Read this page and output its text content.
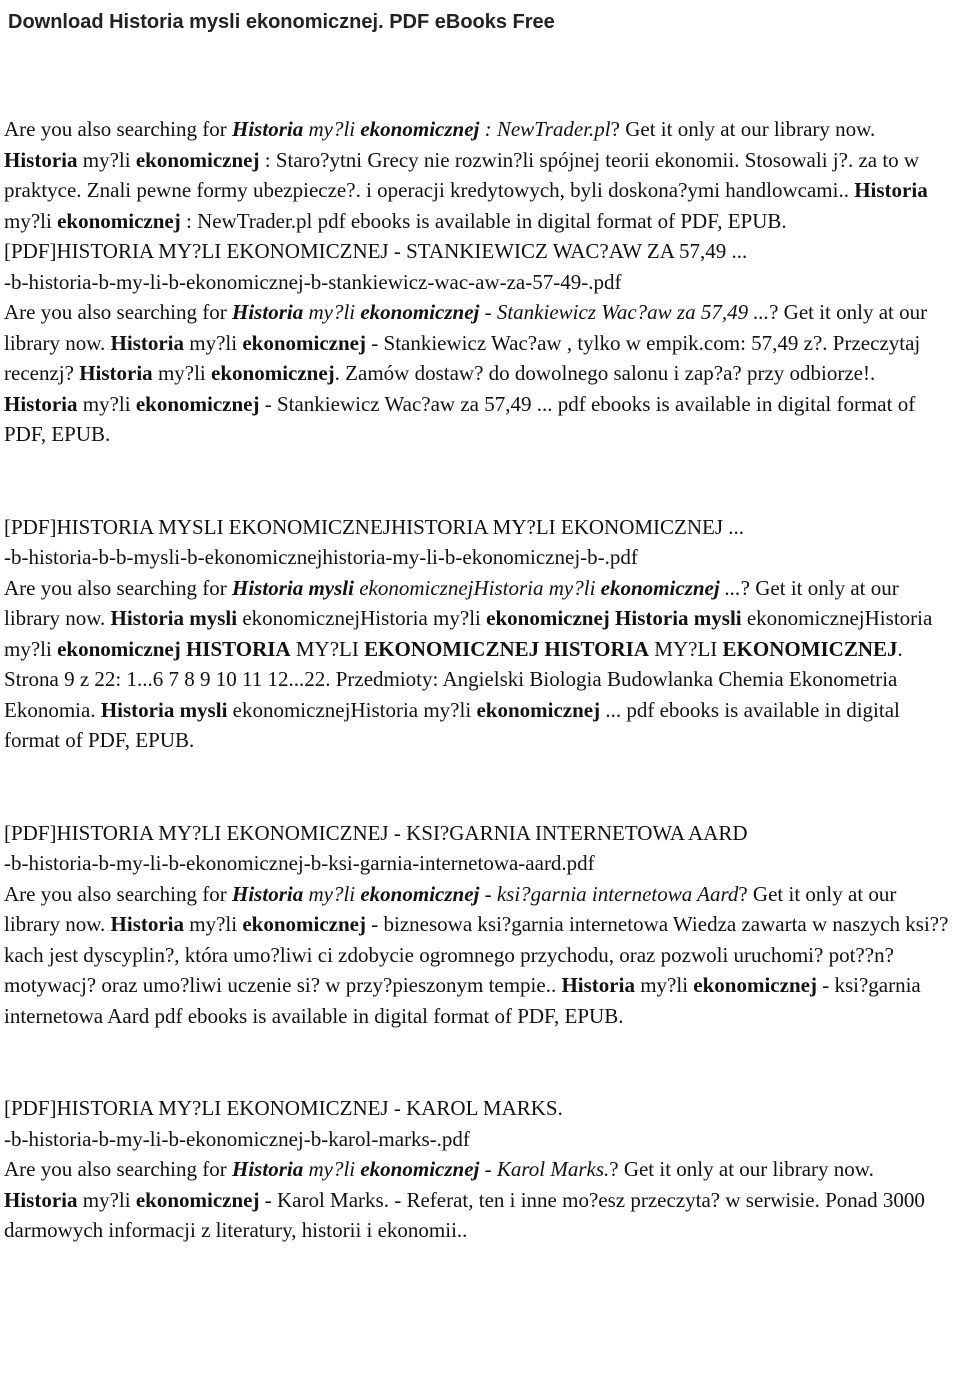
Download Historia mysli ekonomicznej. PDF eBooks Free

Are you also searching for Historia my?li ekonomicznej : NewTrader.pl? Get it only at our library now. Historia my?li ekonomicznej : Staro?ytni Grecy nie rozwin?li spójnej teorii ekonomii. Stosowali j?. za to w praktyce. Znali pewne formy ubezpiecze?. i operacji kredytowych, byli doskona?ymi handlowcami.. Historia my?li ekonomicznej : NewTrader.pl pdf ebooks is available in digital format of PDF, EPUB.

[PDF]HISTORIA MY?LI EKONOMICZNEJ - STANKIEWICZ WAC?AW ZA 57,49 ...

-b-historia-b-my-li-b-ekonomicznej-b-stankiewicz-wac-aw-za-57-49-.pdf

Are you also searching for Historia my?li ekonomicznej - Stankiewicz Wac?aw za 57,49 ...? Get it only at our library now. Historia my?li ekonomicznej - Stankiewicz Wac?aw , tylko w empik.com: 57,49 z?. Przeczytaj recenzj? Historia my?li ekonomicznej. Zamów dostaw? do dowolnego salonu i zap?a? przy odbiorze!. Historia my?li ekonomicznej - Stankiewicz Wac?aw za 57,49 ... pdf ebooks is available in digital format of PDF, EPUB.

[PDF]HISTORIA MYSLI EKONOMICZNEJHISTORIA MY?LI EKONOMICZNEJ ...

-b-historia-b-b-mysli-b-ekonomicznejhistoria-my-li-b-ekonomicznej-b-.pdf

Are you also searching for Historia mysli ekonomicznejHistoria my?li ekonomicznej ...? Get it only at our library now. Historia mysli ekonomicznejHistoria my?li ekonomicznej Historia mysli ekonomicznejHistoria my?li ekonomicznej HISTORIA MY?LI EKONOMICZNEJ HISTORIA MY?LI EKONOMICZNEJ. Strona 9 z 22: 1...6 7 8 9 10 11 12...22. Przedmioty: Angielski Biologia Budowlanka Chemia Ekonometria Ekonomia. Historia mysli ekonomicznejHistoria my?li ekonomicznej ... pdf ebooks is available in digital format of PDF, EPUB.

[PDF]HISTORIA MY?LI EKONOMICZNEJ - KSI?GARNIA INTERNETOWA AARD

-b-historia-b-my-li-b-ekonomicznej-b-ksi-garnia-internetowa-aard.pdf

Are you also searching for Historia my?li ekonomicznej - ksi?garnia internetowa Aard? Get it only at our library now. Historia my?li ekonomicznej - biznesowa ksi?garnia internetowa Wiedza zawarta w naszych ksi??kach jest dyscyplin?, która umo?liwi ci zdobycie ogromnego przychodu, oraz pozwoli uruchomi? pot??n? motywacj? oraz umo?liwi uczenie si? w przy?pieszonym tempie.. Historia my?li ekonomicznej - ksi?garnia internetowa Aard pdf ebooks is available in digital format of PDF, EPUB.

[PDF]HISTORIA MY?LI EKONOMICZNEJ - KAROL MARKS.

-b-historia-b-my-li-b-ekonomicznej-b-karol-marks-.pdf

Are you also searching for Historia my?li ekonomicznej - Karol Marks.? Get it only at our library now. Historia my?li ekonomicznej - Karol Marks. - Referat, ten i inne mo?esz przeczyta? w serwisie. Ponad 3000 darmowych informacji z literatury, historii i ekonomii..
